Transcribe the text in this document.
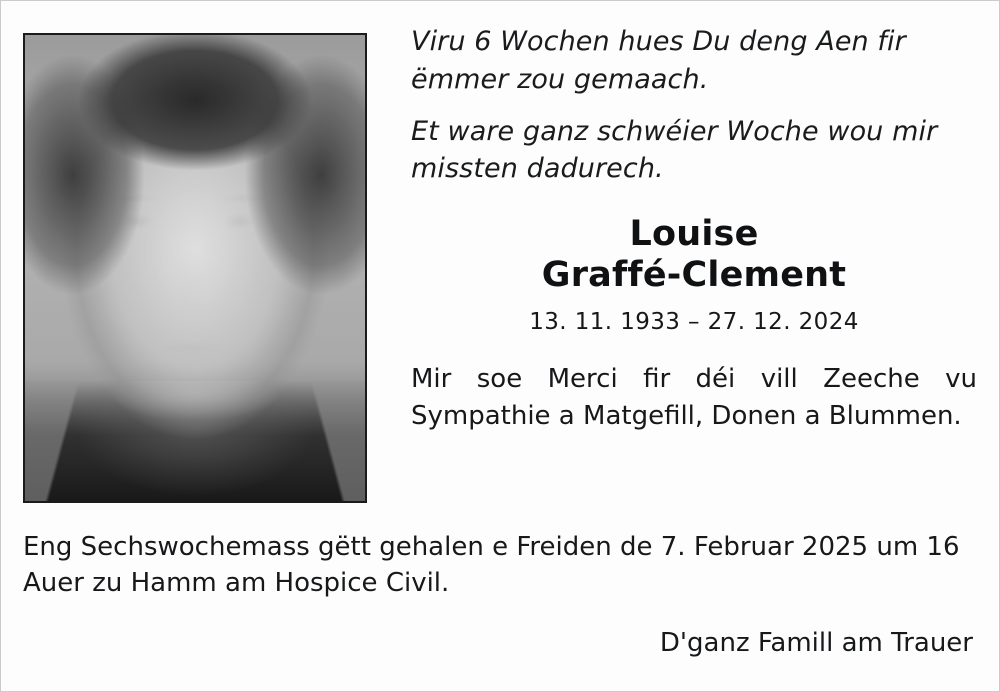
Viru 6 Wochen hues Du deng Aen fir ëmmer zou gemaach.

Et ware ganz schwéier Woche wou mir missten dadurech.

Louise
Graffé-Clement
13. 11. 1933 – 27. 12. 2024

Mir soe Merci fir déi vill Zeeche vu Sympathie a Matgefill, Donen a Blummen.

Eng Sechswochemass gëtt gehalen e Freiden de 7. Februar 2025 um 16 Auer zu Hamm am Hospice Civil.

D'ganz Famill am Trauer
